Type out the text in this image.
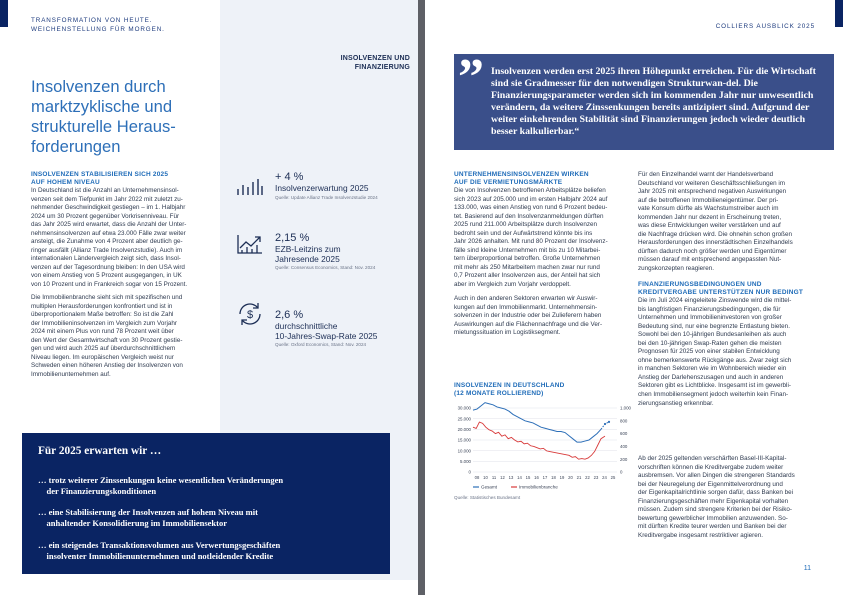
TRANSFORMATION VON HEUTE.
WEICHENSTELLUNG FÜR MORGEN.
INSOLVENZEN UND
FINANZIERUNG
Insolvenzen durch marktzyklische und strukturelle Heraus-forderungen
INSOLVENZEN STABILISIEREN SICH 2025
AUF HOHEM NIVEAU
In Deutschland ist die Anzahl an Unternehmensinsol-
venzen seit dem Tiefpunkt im Jahr 2022 mit zuletzt zu-
nehmender Geschwindigkeit gestiegen – im 1. Halbjahr
2024 um 30 Prozent gegenüber Vorkrisenniveau. Für
das Jahr 2025 wird erwartet, dass die Anzahl der Unter-
nehmensinsolvenzen auf etwa 23.000 Fälle zwar weiter
ansteigt, die Zunahme von 4 Prozent aber deutlich ge-
ringer ausfällt (Allianz Trade Insolvenzstudie). Auch im
internationalen Ländervergleich zeigt sich, dass Insol-
venzen auf der Tagesordnung bleiben: In den USA wird
von einem Anstieg von 5 Prozent ausgegangen, in UK
von 10 Prozent und in Frankreich sogar von 15 Prozent.
Die Immobilienbranche sieht sich mit spezifischen und
multiplen Herausforderungen konfrontiert und ist in
überproportionalem Maße betroffen: So ist die Zahl
der Immobilieninsolvenzen im Vergleich zum Vorjahr
2024 mit einem Plus von rund 78 Prozent weit über
den Wert der Gesamtwirtschaft von 30 Prozent gestie-
gen und wird auch 2025 auf überdurchschnittlichem
Niveau liegen. Im europäischen Vergleich weist nur
Schweden einen höheren Anstieg der Insolvenzen von
Immobilienunternehmen auf.
+ 4 %
Insolvenzerwartung 2025
Quelle: Update Allianz Trade Insolvenzstudie 2024
2,15 %
EZB-Leitzins zum
Jahresende 2025
Quelle: Consensus Economics, Stand: Nov. 2024
$ 2,6 %
durchschnittliche
10-Jahres-Swap-Rate 2025
Quelle: Oxford Economics, Stand: Nov. 2024
Für 2025 erwarten wir …
… trotz weiterer Zinssenkungen keine wesentlichen Veränderungen
der Finanzierungskonditionen
… eine Stabilisierung der Insolvenzen auf hohem Niveau mit
anhaltender Konsolidierung im Immobiliensektor
… ein steigendes Transaktionsvolumen aus Verwertungsgeschäften
insolventer Immobilienunternehmen und notleidender Kredite
COLLIERS AUSBLICK 2025
” Insolvenzen werden erst 2025 ihren Höhepunkt erreichen. Für die Wirtschaft sind sie Gradmesser für den notwendigen Strukturwan-del. Die Finanzierungsparameter werden sich im kommenden Jahr nur unwesentlich verändern, da weitere Zinssenkungen bereits antizipiert sind. Aufgrund der weiter einkehrenden Stabilität sind Finanzierungen jedoch wieder deutlich besser kalkulierbar.“
UNTERNEHMENSINSOLVENZEN WIRKEN
AUF DIE VERMIETUNGSMÄRKTE
Die von Insolvenzen betroffenen Arbeitsplätze beliefen
sich 2023 auf 205.000 und im ersten Halbjahr 2024 auf
133.000, was einen Anstieg von rund 6 Prozent bedeu-
tet. Basierend auf den Insolvenzanmeldungen dürften
2025 rund 211.000 Arbeitsplätze durch Insolvenzen
bedroht sein und der Aufwärtstrend könnte bis ins
Jahr 2026 anhalten. Mit rund 80 Prozent der Insolvenz-
fälle sind kleine Unternehmen mit bis zu 10 Mitarbei-
tern überproportional betroffen. Große Unternehmen
mit mehr als 250 Mitarbeitern machen zwar nur rund
0,7 Prozent aller Insolvenzen aus, der Anteil hat sich
aber im Vergleich zum Vorjahr verdoppelt.
Auch in den anderen Sektoren erwarten wir Auswir-
kungen auf den Immobilienmarkt. Unternehmensin-
solvenzen in der Industrie oder bei Zulieferern haben
Auswirkungen auf die Flächennachfrage und die Ver-
mietungssituation im Logistiksegment.
INSOLVENZEN IN DEUTSCHLAND
(12 MONATE ROLLIEREND)
30.000
25.000
20.000
15.000
10.000
5.000
0
1.000
800
600
400
200
0
08 10 11 12 13 14 15 16 17 18 19 20 21 22 23 24 25
Gesamt	Immobilienbranche
Quelle: Statistisches Bundesamt
Für den Einzelhandel warnt der Handelsverband
Deutschland vor weiteren Geschäftsschließungen im
Jahr 2025 mit entsprechend negativen Auswirkungen
auf die betroffenen Immobilieneigentümer. Der pri-
vate Konsum dürfte als Wachstumstreiber auch im
kommenden Jahr nur dezent in Erscheinung treten,
was diese Entwicklungen weiter verstärken und auf
die Nachfrage drücken wird. Die ohnehin schon großen
Herausforderungen des innerstädtischen Einzelhandels
dürften dadurch noch größer werden und Eigentümer
müssen darauf mit entsprechend angepassten Nut-
zungskonzepten reagieren.
FINANZIERUNGSBEDINGUNGEN UND
KREDITVERGABE UNTERSTÜTZEN NUR BEDINGT
Die im Juli 2024 eingeleitete Zinswende wird die mittel-
bis langfristigen Finanzierungsbedingungen, die für
Unternehmen und Immobilieninvestoren von großer
Bedeutung sind, nur eine begrenzte Entlastung bieten.
Sowohl bei den 10-jährigen Bundesanleihen als auch
bei den 10-jährigen Swap-Raten gehen die meisten
Prognosen für 2025 von einer stabilen Entwicklung
ohne bemerkenswerte Rückgänge aus. Zwar zeigt sich
in manchen Sektoren wie im Wohnbereich wieder ein
Anstieg der Darlehenszusagen und auch in anderen
Sektoren gibt es Lichtblicke. Insgesamt ist im gewerbli-
chen Immobiliensegment jedoch weiterhin kein Finan-
zierungsanstieg erkennbar.
Ab der 2025 geltenden verschärften Basel-III-Kapital-
vorschriften können die Kreditvergabe zudem weiter
ausbremsen. Vor allen Dingen die strengeren Standards
bei der Neuregelung der Eigenmittelverordnung und
der Eigenkapitalrichtlinie sorgen dafür, dass Banken bei
Finanzierungsgeschäften mehr Eigenkapital vorhalten
müssen. Zudem sind strengere Kriterien bei der Risiko-
bewertung gewerblicher Immobilien anzuwenden. So-
mit dürften Kredite teurer werden und Banken bei der
Kreditvergabe insgesamt restriktiver agieren.
11
